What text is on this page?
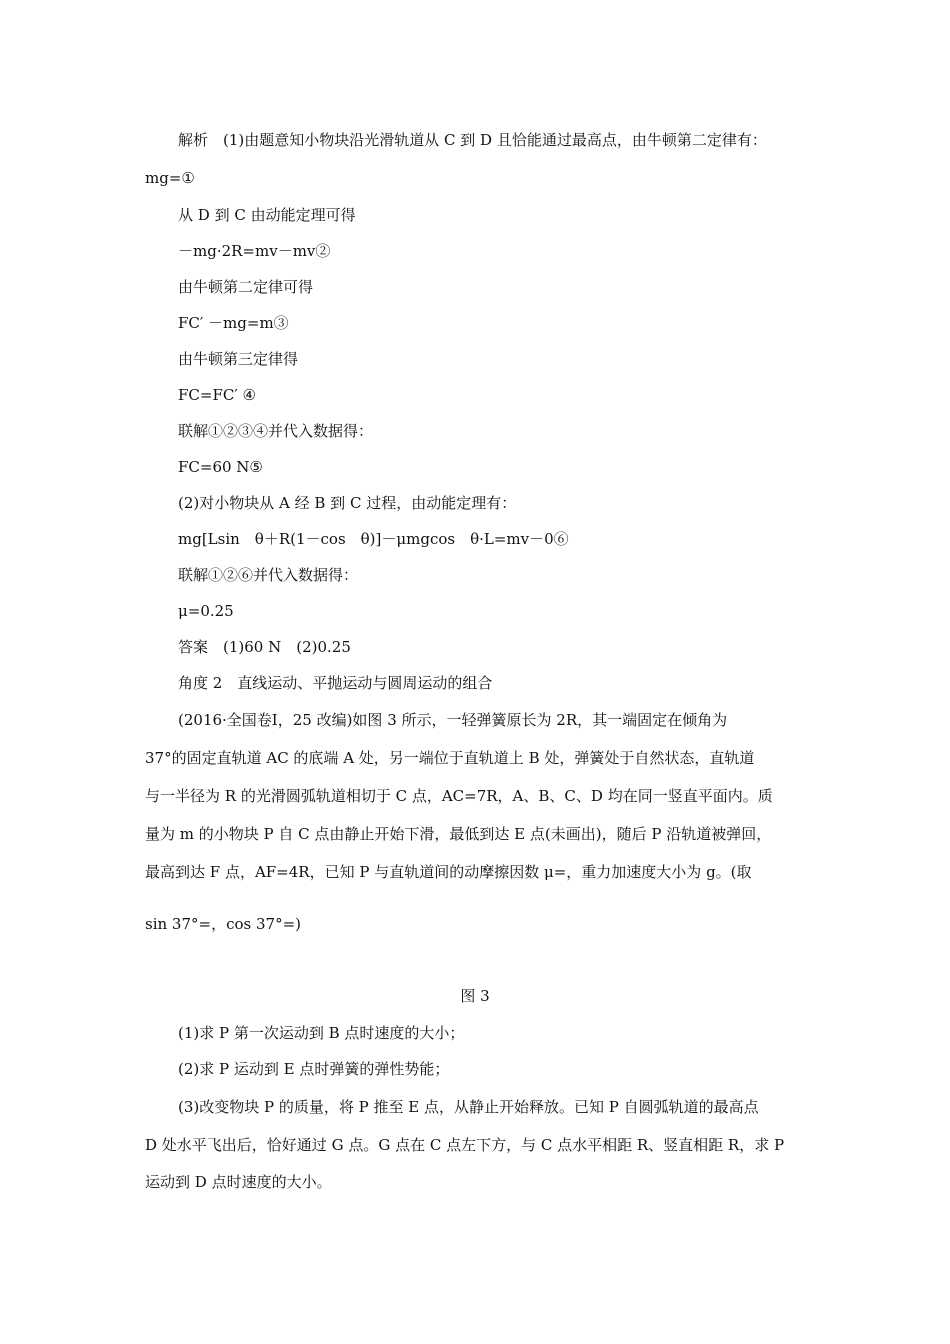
解析　(1)由题意知小物块沿光滑轨道从 C 到 D 且恰能通过最高点，由牛顿第二定律有：
mg=①
从 D 到 C 由动能定理可得
－mg·2R=mv－mv②
由牛顿第二定律可得
FC′ －mg=m③
由牛顿第三定律得
FC=FC′ ④
联解①②③④并代入数据得：
FC=60 N⑤
(2)对小物块从 A 经 B 到 C 过程，由动能定理有：
mg[Lsin　θ＋R(1－cos　θ)]－μmgcos　θ·L=mv－0⑥
联解①②⑥并代入数据得：
μ=0.25
答案　(1)60 N　(2)0.25
角度 2　直线运动、平抛运动与圆周运动的组合
(2016·全国卷Ⅰ，25 改编)如图 3 所示，一轻弹簧原长为 2R，其一端固定在倾角为
37°的固定直轨道 AC 的底端 A 处，另一端位于直轨道上 B 处，弹簧处于自然状态，直轨道
与一半径为 R 的光滑圆弧轨道相切于 C 点，AC=7R，A、B、C、D 均在同一竖直平面内。质
量为 m 的小物块 P 自 C 点由静止开始下滑，最低到达 E 点(未画出)，随后 P 沿轨道被弹回，
最高到达 F 点，AF=4R，已知 P 与直轨道间的动摩擦因数 μ=，重力加速度大小为 g。(取
sin 37°=，cos 37°=)
图 3
(1)求 P 第一次运动到 B 点时速度的大小；
(2)求 P 运动到 E 点时弹簧的弹性势能；
(3)改变物块 P 的质量，将 P 推至 E 点，从静止开始释放。已知 P 自圆弧轨道的最高点
D 处水平飞出后，恰好通过 G 点。G 点在 C 点左下方，与 C 点水平相距 R、竖直相距 R，求 P
运动到 D 点时速度的大小。
